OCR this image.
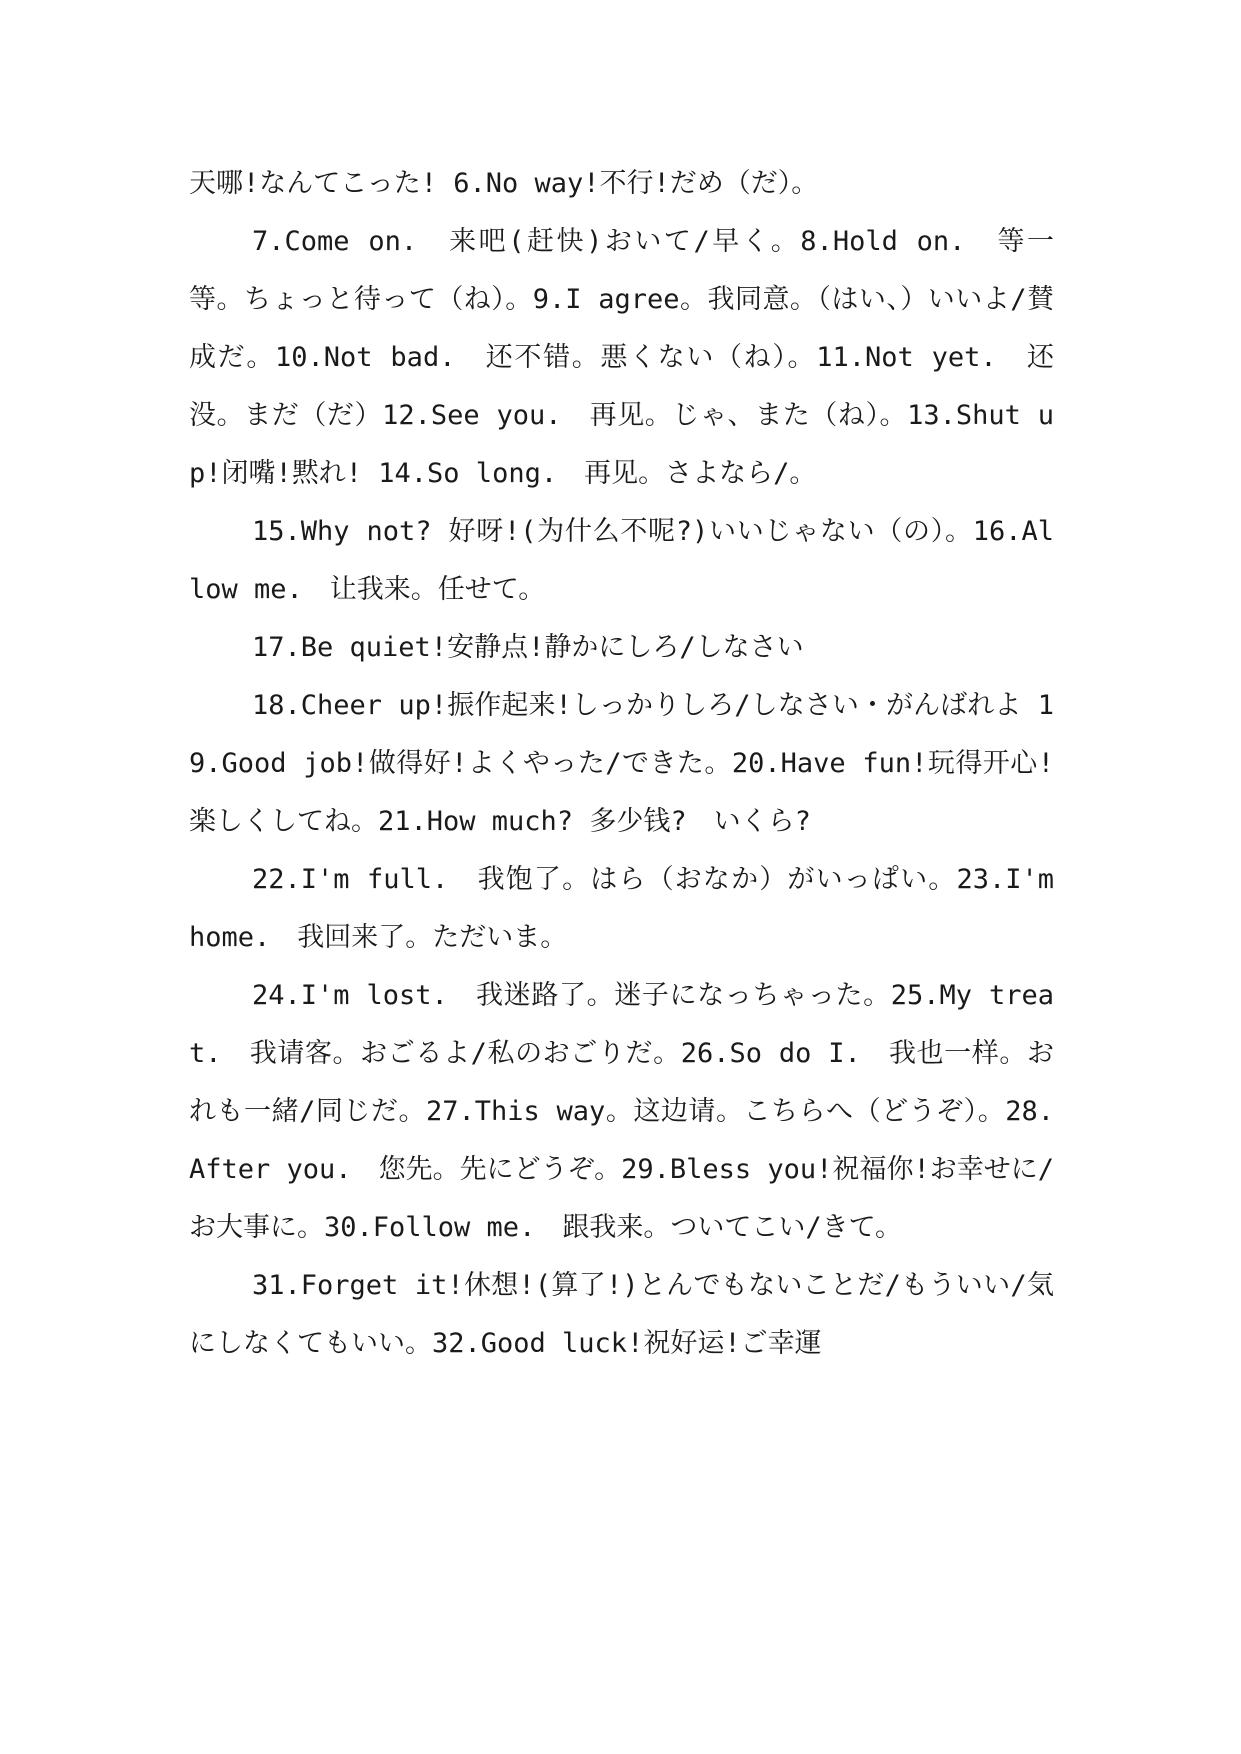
天哪!なんてこった! 6.No way!不行!だめ（だ）。

7.Come on.　来吧(赶快)おいて/早く。8.Hold on.　等一等。ちょっと待って（ね）。9.I agree。我同意。（はい、）いいよ/賛成だ。10.Not bad.　还不错。悪くない（ね）。11.Not yet.　还没。まだ（だ）12.See you.　再见。じゃ、また（ね）。13.Shut up!闭嘴!黙れ! 14.So long.　再见。さよなら/。

15.Why not? 好呀!(为什么不呢?)いいじゃない（の）。16.Allow me.　让我来。任せて。

17.Be quiet!安静点!静かにしろ/しなさい

18.Cheer up!振作起来!しっかりしろ/しなさい・がんばれよ 19.Good job!做得好!よくやった/できた。20.Have fun!玩得开心!楽しくしてね。21.How much? 多少钱?　いくら?

22.I'm full.　我饱了。はら（おなか）がいっぱい。23.I'm home.　我回来了。ただいま。

24.I'm lost.　我迷路了。迷子になっちゃった。25.My treat.　我请客。おごるよ/私のおごりだ。26.So do I.　我也一样。おれも一緒/同じだ。27.This way。这边请。こちらへ（どうぞ）。28.After you.　您先。先にどうぞ。29.Bless you!祝福你!お幸せに/お大事に。30.Follow me.　跟我来。ついてこい/きて。

31.Forget it!休想!(算了!)とんでもないことだ/もういい/気にしなくてもいい。32.Good luck!祝好运!ご幸運
